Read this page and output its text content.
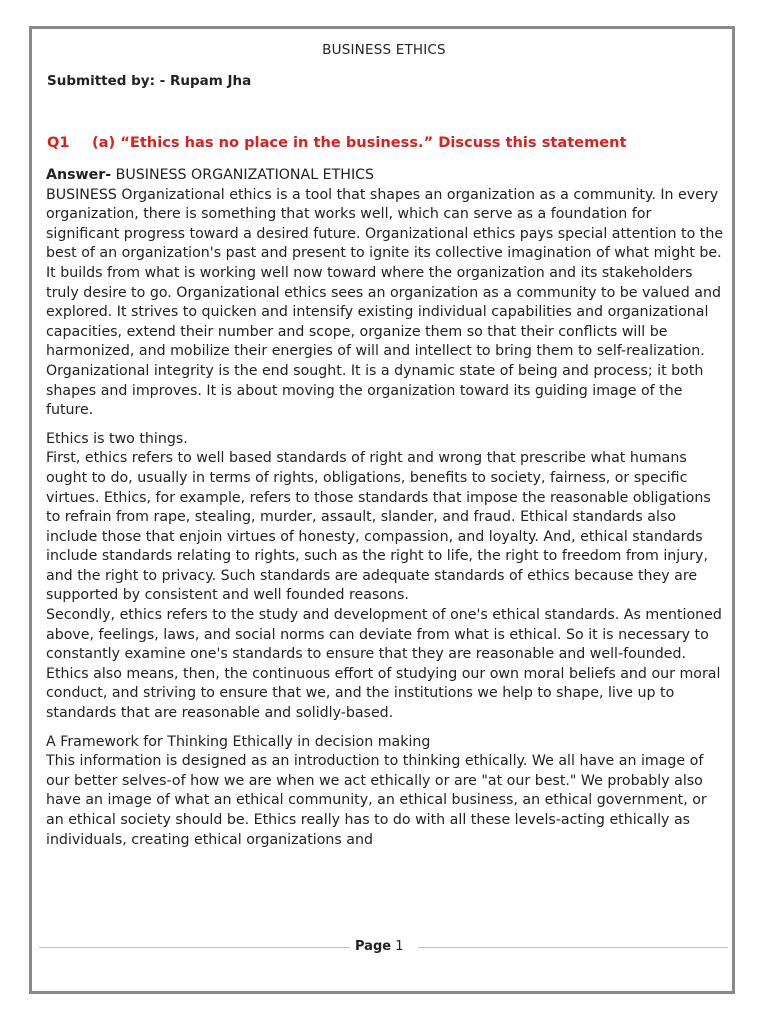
BUSINESS ETHICS

Submitted by: - Rupam Jha

Q1 (a) “Ethics has no place in the business.” Discuss this statement

Answer- BUSINESS ORGANIZATIONAL ETHICS

BUSINESS Organizational ethics is a tool that shapes an organization as a community. In every organization, there is something that works well, which can serve as a foundation for significant progress toward a desired future. Organizational ethics pays special attention to the best of an organization's past and present to ignite its collective imagination of what might be. It builds from what is working well now toward where the organization and its stakeholders truly desire to go. Organizational ethics sees an organization as a community to be valued and explored. It strives to quicken and intensify existing individual capabilities and organizational capacities, extend their number and scope, organize them so that their conflicts will be harmonized, and mobilize their energies of will and intellect to bring them to self-realization. Organizational integrity is the end sought. It is a dynamic state of being and process; it both shapes and improves. It is about moving the organization toward its guiding image of the future.

Ethics is two things.

First, ethics refers to well based standards of right and wrong that prescribe what humans ought to do, usually in terms of rights, obligations, benefits to society, fairness, or specific virtues. Ethics, for example, refers to those standards that impose the reasonable obligations to refrain from rape, stealing, murder, assault, slander, and fraud. Ethical standards also include those that enjoin virtues of honesty, compassion, and loyalty. And, ethical standards include standards relating to rights, such as the right to life, the right to freedom from injury, and the right to privacy. Such standards are adequate standards of ethics because they are supported by consistent and well founded reasons.

Secondly, ethics refers to the study and development of one's ethical standards. As mentioned above, feelings, laws, and social norms can deviate from what is ethical. So it is necessary to constantly examine one's standards to ensure that they are reasonable and well-founded. Ethics also means, then, the continuous effort of studying our own moral beliefs and our moral conduct, and striving to ensure that we, and the institutions we help to shape, live up to standards that are reasonable and solidly-based.

A Framework for Thinking Ethically in decision making

This information is designed as an introduction to thinking ethically. We all have an image of our better selves-of how we are when we act ethically or are "at our best." We probably also have an image of what an ethical community, an ethical business, an ethical government, or an ethical society should be. Ethics really has to do with all these levels-acting ethically as individuals, creating ethical organizations and

Page 1
